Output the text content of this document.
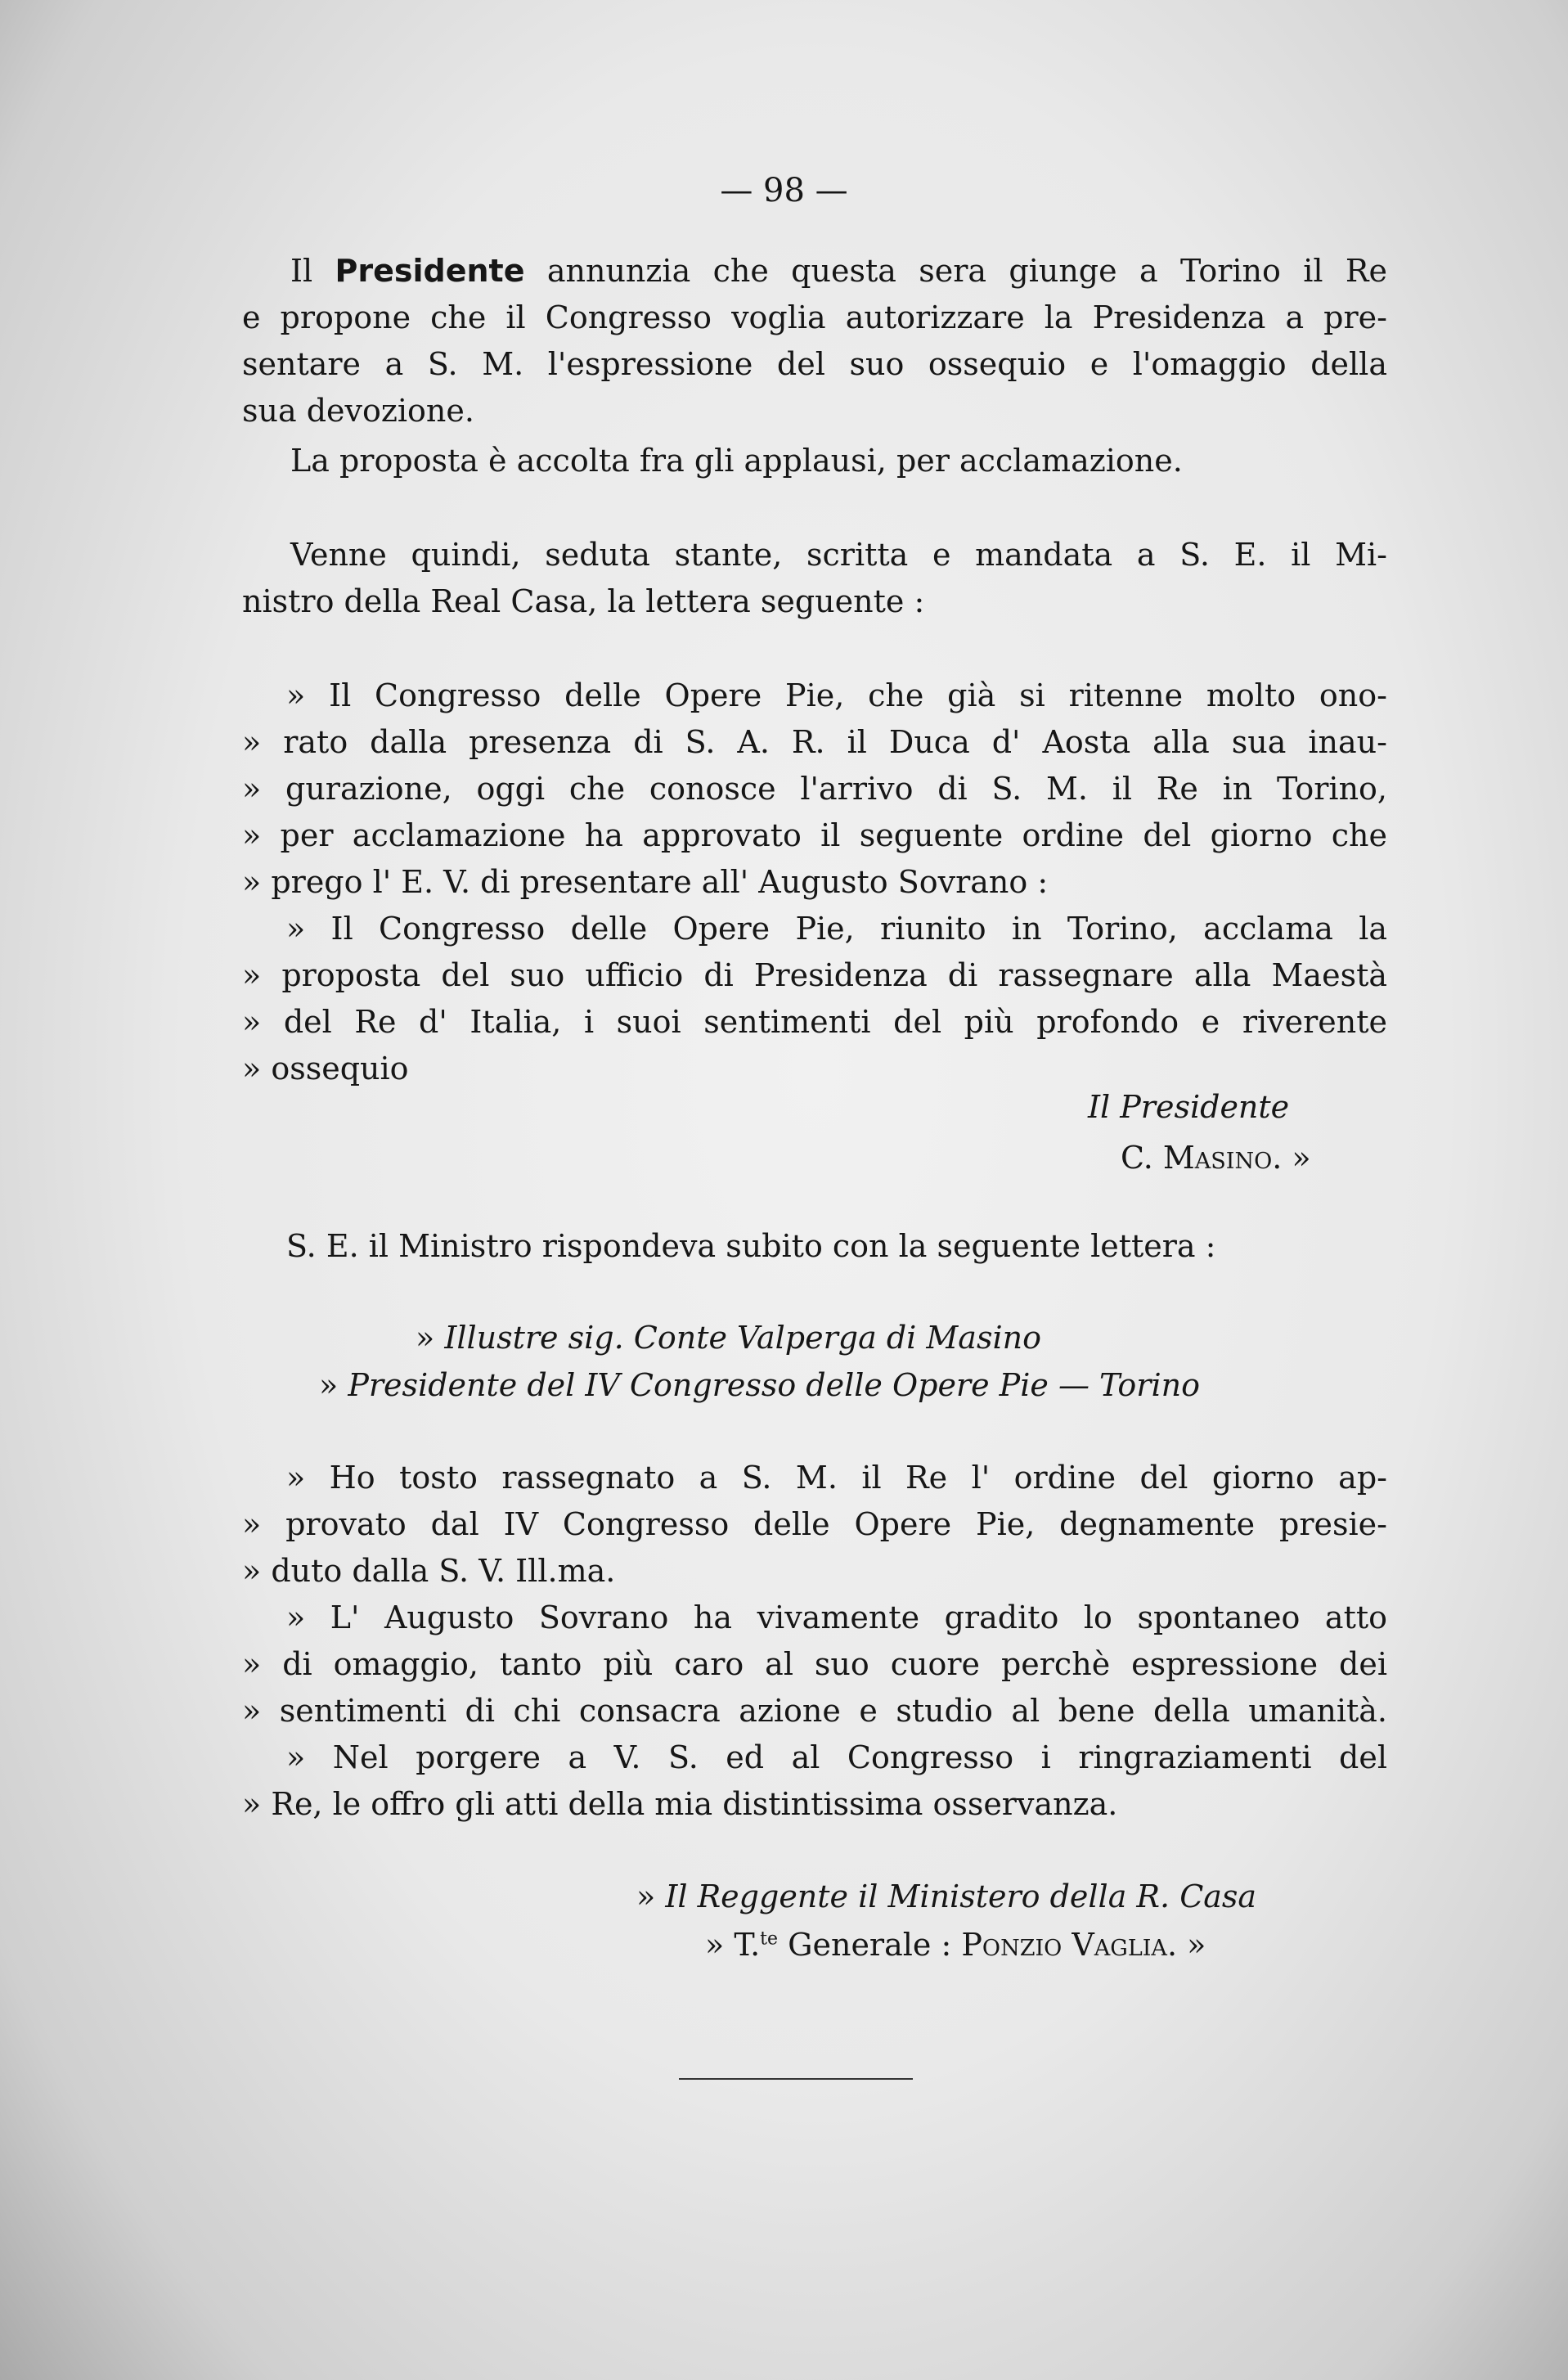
— 98 —
Il Presidente annunzia che questa sera giunge a Torino il Re
e propone che il Congresso voglia autorizzare la Presidenza a pre-
sentare a S. M. l'espressione del suo ossequio e l'omaggio della
sua devozione.
La proposta è accolta fra gli applausi, per acclamazione.
Venne quindi, seduta stante, scritta e mandata a S. E. il Mi-
nistro della Real Casa, la lettera seguente :
» Il Congresso delle Opere Pie, che già si ritenne molto ono-
» rato dalla presenza di S. A. R. il Duca d' Aosta alla sua inau-
» gurazione, oggi che conosce l'arrivo di S. M. il Re in Torino,
» per acclamazione ha approvato il seguente ordine del giorno che
» prego l' E. V. di presentare all' Augusto Sovrano :
» Il Congresso delle Opere Pie, riunito in Torino, acclama la
» proposta del suo ufficio di Presidenza di rassegnare alla Maestà
» del Re d' Italia, i suoi sentimenti del più profondo e riverente
» ossequio
Il Presidente
C. Masino. »
S. E. il Ministro rispondeva subito con la seguente lettera :
» Illustre sig. Conte Valperga di Masino
» Presidente del IV Congresso delle Opere Pie — Torino
» Ho tosto rassegnato a S. M. il Re l' ordine del giorno ap-
» provato dal IV Congresso delle Opere Pie, degnamente presie-
» duto dalla S. V. Ill.ma.
» L' Augusto Sovrano ha vivamente gradito lo spontaneo atto
» di omaggio, tanto più caro al suo cuore perchè espressione dei
» sentimenti di chi consacra azione e studio al bene della umanità.
» Nel porgere a V. S. ed al Congresso i ringraziamenti del
» Re, le offro gli atti della mia distintissima osservanza.
» Il Reggente il Ministero della R. Casa
» T.$^{te}$ Generale : Ponzio Vaglia. »
